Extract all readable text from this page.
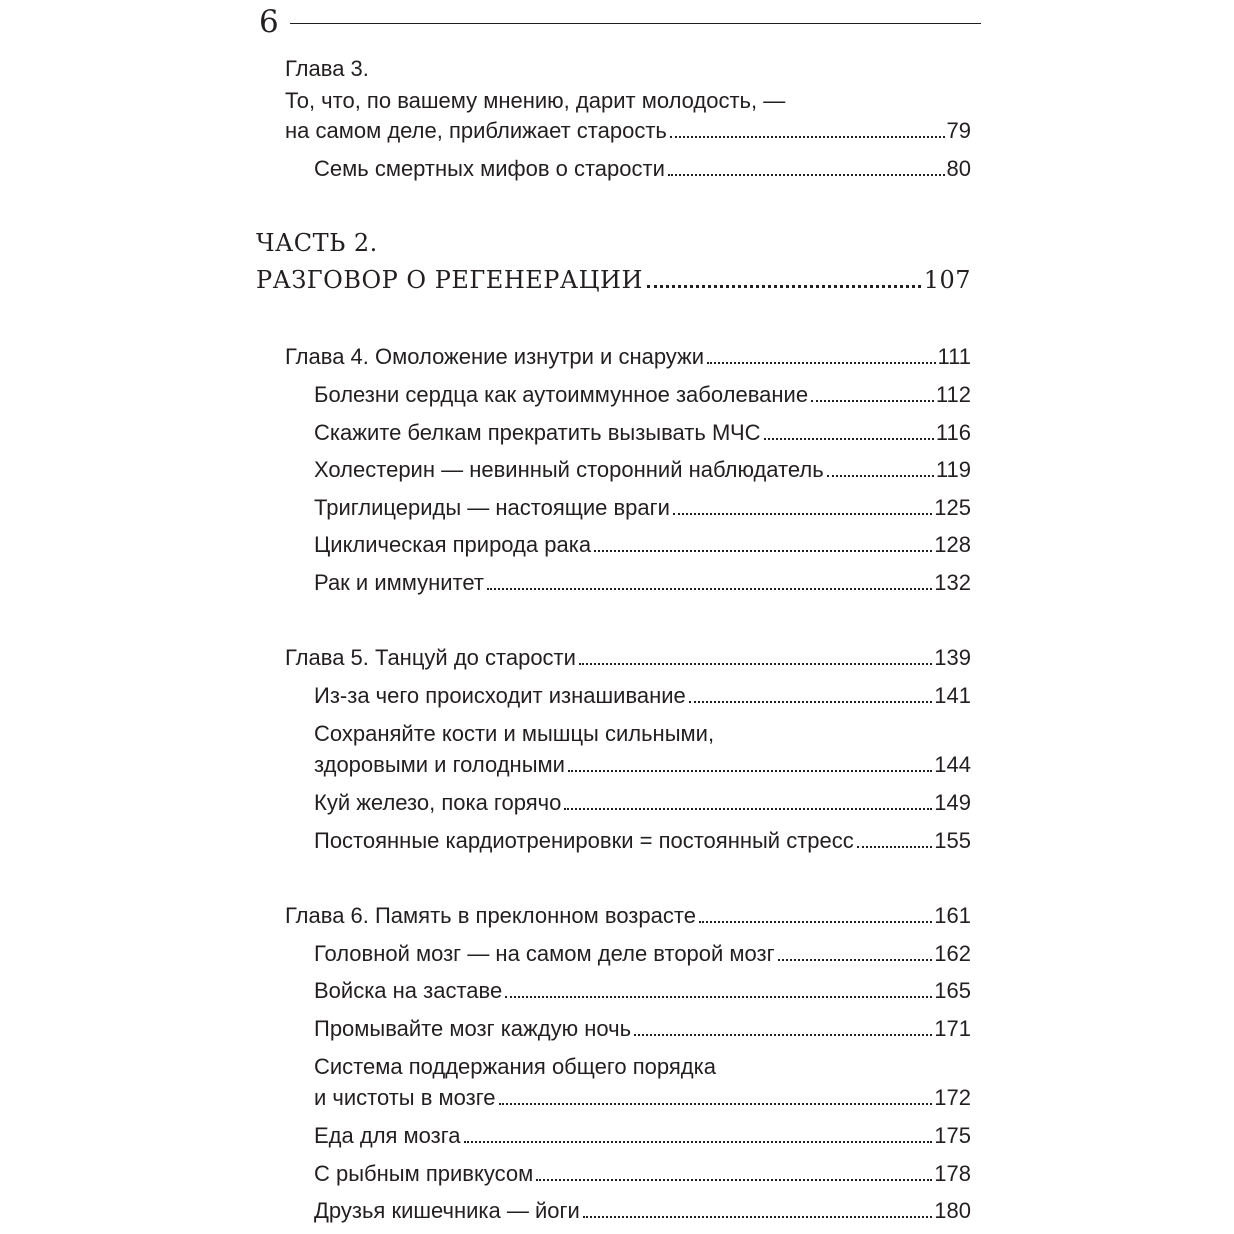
6
Глава 3.
То, что, по вашему мнению, дарит молодость, —
на самом деле, приближает старость	79
Семь смертных мифов о старости	80
ЧАСТЬ 2.
РАЗГОВОР О РЕГЕНЕРАЦИИ	107
Глава 4. Омоложение изнутри и снаружи	111
Болезни сердца как аутоиммунное заболевание	112
Скажите белкам прекратить вызывать МЧС	116
Холестерин — невинный сторонний наблюдатель	119
Триглицериды — настоящие враги	125
Циклическая природа рака	128
Рак и иммунитет	132
Глава 5. Танцуй до старости	139
Из-за чего происходит изнашивание	141
Сохраняйте кости и мышцы сильными,
здоровыми и голодными	144
Куй железо, пока горячо	149
Постоянные кардиотренировки = постоянный стресс	155
Глава 6. Память в преклонном возрасте	161
Головной мозг — на самом деле второй мозг	162
Войска на заставе	165
Промывайте мозг каждую ночь	171
Система поддержания общего порядка
и чистоты в мозге	172
Еда для мозга	175
С рыбным привкусом	178
Друзья кишечника — йоги	180
